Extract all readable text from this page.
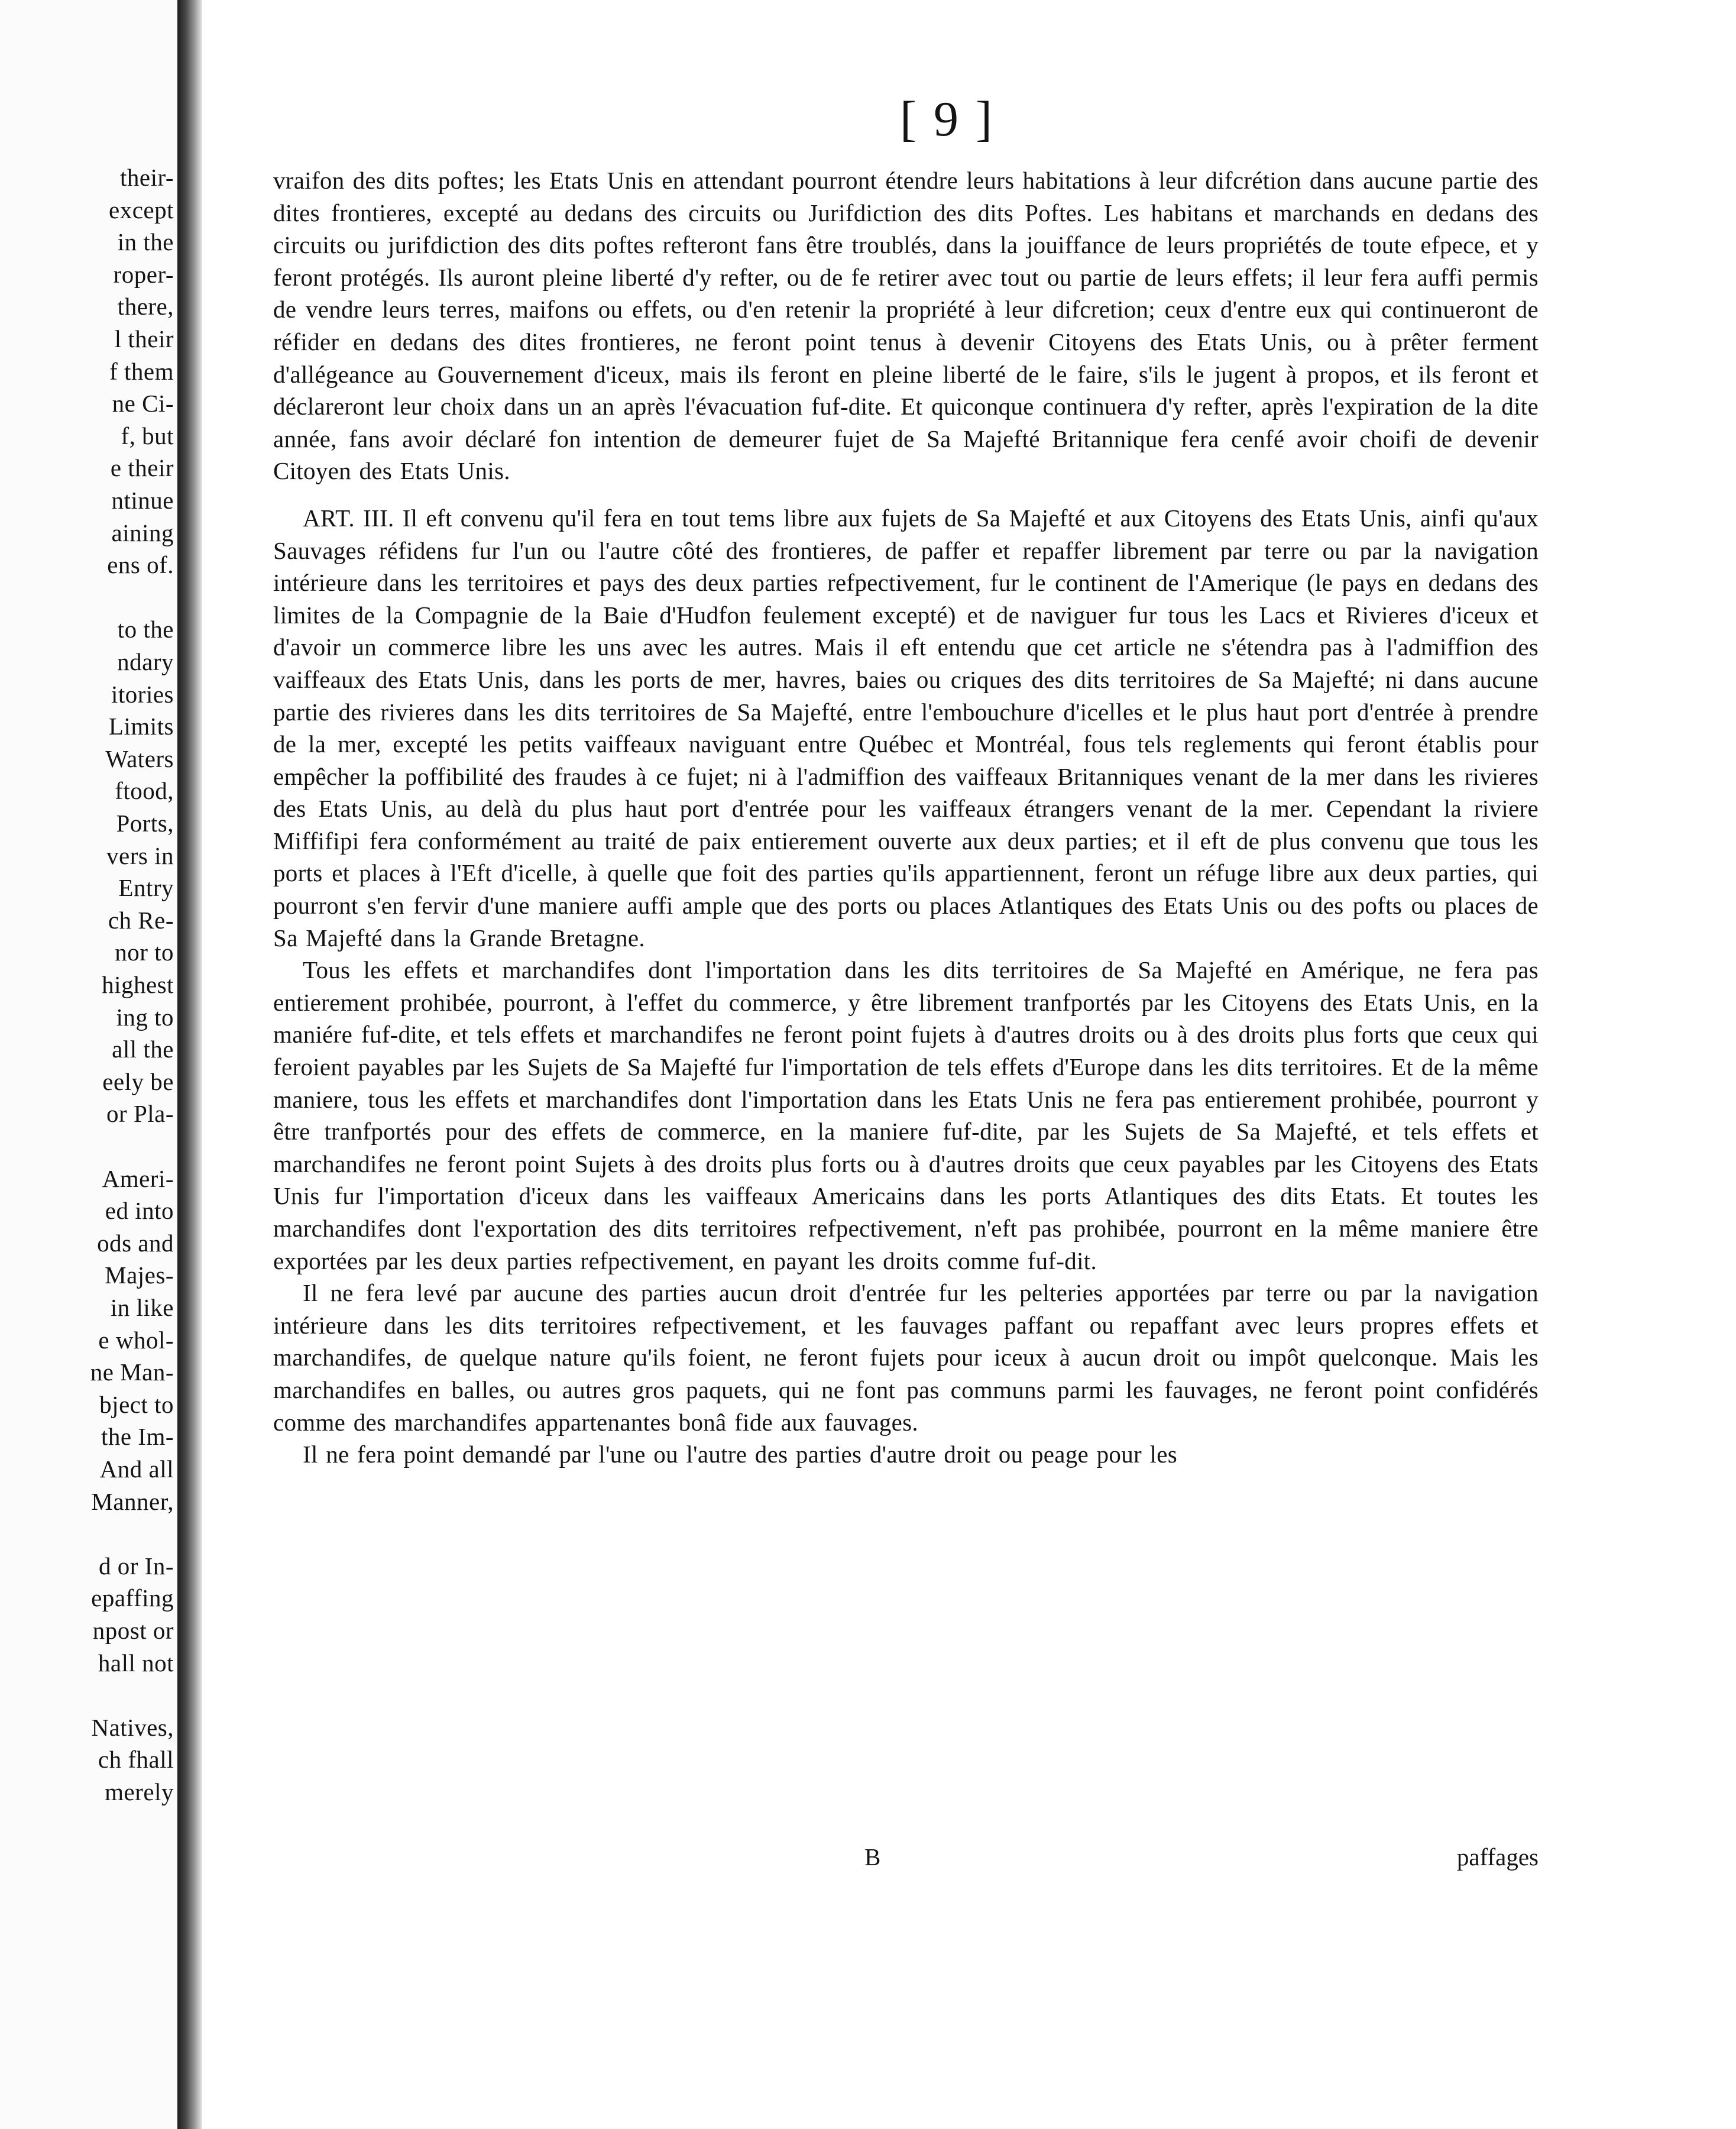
their-
except
in the
roper-
there,
l their
f them
ne Ci-
f, but
e their
ntinue
aining
ens of.
to the
ndary
itories
Limits
Waters
ftood,
Ports,
vers in
Entry
ch Re-
nor to
highest
ing to
all the
eely be
or Pla-
Ameri-
ed into
ods and
Majes-
in like
e whol-
ne Man-
bject to
the Im-
And all
Manner,
d or In-
epaffing
npost or
hall not
Natives,
ch fhall
merely
[ 9 ]

vraifon des dits poftes; les Etats Unis en attendant pourront étendre leurs habitations à leur difcrétion dans aucune partie des dites frontieres, excepté au dedans des circuits ou Jurifdiction des dits Poftes. Les habitans et marchands en dedans des circuits ou jurifdiction des dits poftes refteront fans être troublés, dans la jouiffance de leurs propriétés de toute efpece, et y feront protégés. Ils auront pleine liberté d'y refter, ou de fe retirer avec tout ou partie de leurs effets; il leur fera auffi permis de vendre leurs terres, maifons ou effets, ou d'en retenir la propriété à leur difcretion; ceux d'entre eux qui continueront de réfider en dedans des dites frontieres, ne feront point tenus à devenir Citoyens des Etats Unis, ou à prêter ferment d'allégeance au Gouvernement d'iceux, mais ils feront en pleine liberté de le faire, s'ils le jugent à propos, et ils feront et déclareront leur choix dans un an après l'évacuation fuf-dite. Et quiconque continuera d'y refter, après l'expiration de la dite année, fans avoir déclaré fon intention de demeurer fujet de Sa Majefté Britannique fera cenfé avoir choifi de devenir Citoyen des Etats Unis.

ART. III. Il eft convenu qu'il fera en tout tems libre aux fujets de Sa Majefté et aux Citoyens des Etats Unis, ainfi qu'aux Sauvages réfidens fur l'un ou l'autre côté des frontieres, de paffer et repaffer librement par terre ou par la navigation intérieure dans les territoires et pays des deux parties refpectivement, fur le continent de l'Amerique (le pays en dedans des limites de la Compagnie de la Baie d'Hudfon feulement excepté) et de naviguer fur tous les Lacs et Rivieres d'iceux et d'avoir un commerce libre les uns avec les autres. Mais il eft entendu que cet article ne s'étendra pas à l'admiffion des vaiffeaux des Etats Unis, dans les ports de mer, havres, baies ou criques des dits territoires de Sa Majefté; ni dans aucune partie des rivieres dans les dits territoires de Sa Majefté, entre l'embouchure d'icelles et le plus haut port d'entrée à prendre de la mer, excepté les petits vaiffeaux naviguant entre Québec et Montréal, fous tels reglements qui feront établis pour empêcher la poffibilité des fraudes à ce fujet; ni à l'admiffion des vaiffeaux Britanniques venant de la mer dans les rivieres des Etats Unis, au delà du plus haut port d'entrée pour les vaiffeaux étrangers venant de la mer. Cependant la riviere Miffifipi fera conformément au traité de paix entierement ouverte aux deux parties; et il eft de plus convenu que tous les ports et places à l'Eft d'icelle, à quelle que foit des parties qu'ils appartiennent, feront un réfuge libre aux deux parties, qui pourront s'en fervir d'une maniere auffi ample que des ports ou places Atlantiques des Etats Unis ou des pofts ou places de Sa Majefté dans la Grande Bretagne.

Tous les effets et marchandifes dont l'importation dans les dits territoires de Sa Majefté en Amérique, ne fera pas entierement prohibée, pourront, à l'effet du commerce, y être librement tranfportés par les Citoyens des Etats Unis, en la maniére fuf-dite, et tels effets et marchandifes ne feront point fujets à d'autres droits ou à des droits plus forts que ceux qui feroient payables par les Sujets de Sa Majefté fur l'importation de tels effets d'Europe dans les dits territoires. Et de la même maniere, tous les effets et marchandifes dont l'importation dans les Etats Unis ne fera pas entierement prohibée, pourront y être tranfportés pour des effets de commerce, en la maniere fuf-dite, par les Sujets de Sa Majefté, et tels effets et marchandifes ne feront point Sujets à des droits plus forts ou à d'autres droits que ceux payables par les Citoyens des Etats Unis fur l'importation d'iceux dans les vaiffeaux Americains dans les ports Atlantiques des dits Etats. Et toutes les marchandifes dont l'exportation des dits territoires refpectivement, n'eft pas prohibée, pourront en la même maniere être exportées par les deux parties refpectivement, en payant les droits comme fuf-dit.

Il ne fera levé par aucune des parties aucun droit d'entrée fur les pelteries apportées par terre ou par la navigation intérieure dans les dits territoires refpectivement, et les fauvages paffant ou repaffant avec leurs propres effets et marchandifes, de quelque nature qu'ils foient, ne feront fujets pour iceux à aucun droit ou impôt quelconque. Mais les marchandifes en balles, ou autres gros paquets, qui ne font pas communs parmi les fauvages, ne feront point confidérés comme des marchandifes appartenantes bonâ fide aux fauvages.

Il ne fera point demandé par l'une ou l'autre des parties d'autre droit ou peage pour les

B	paffages
